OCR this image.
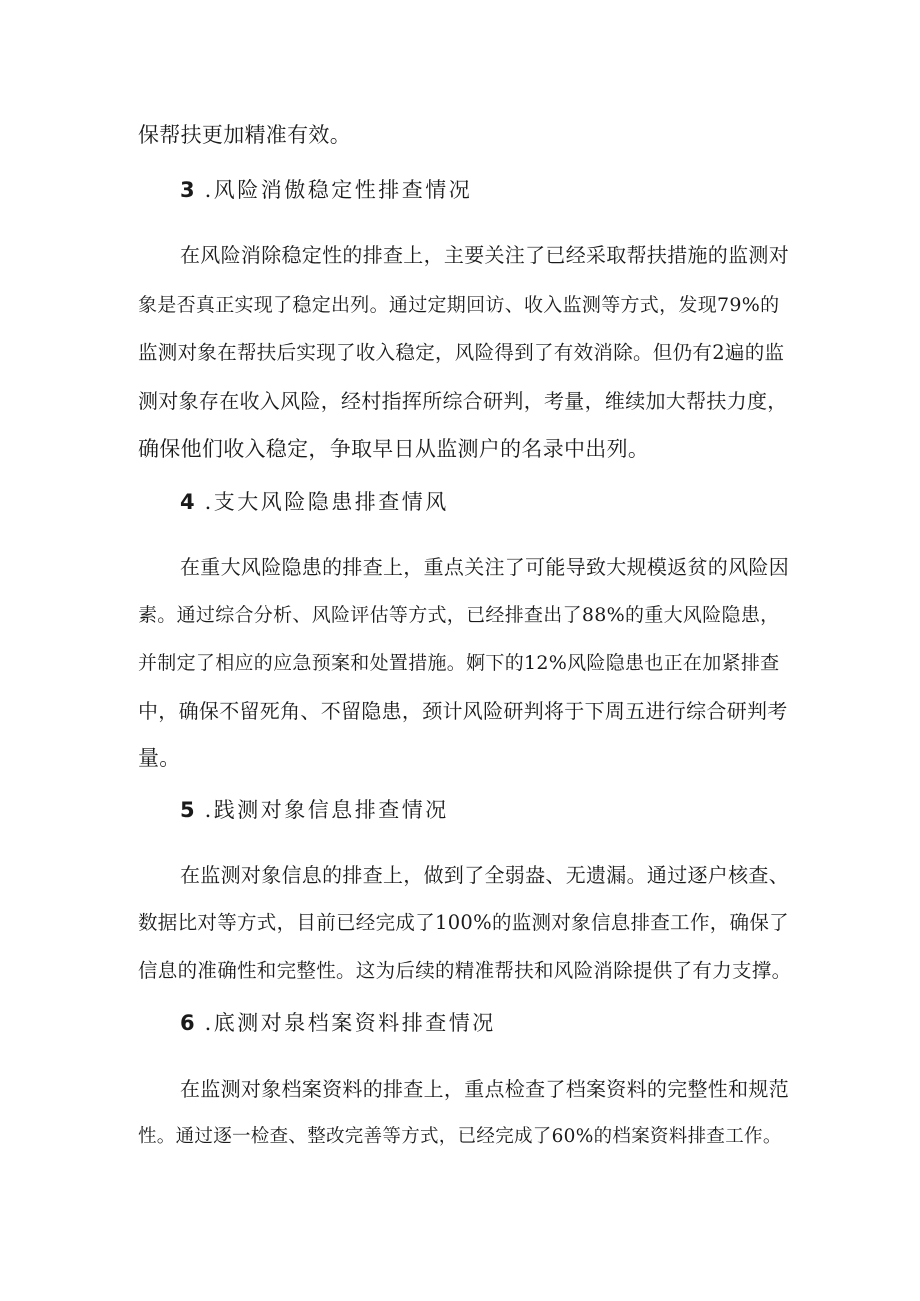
保帮扶更加精准有效。
3 .风险消傲稳定性排查情况
在风险消除稳定性的排查上，主要关注了已经采取帮扶措施的监测对
象是否真正实现了稳定出列。通过定期回访、收入监测等方式，发现79%的
监测对象在帮扶后实现了收入稳定，风险得到了有效消除。但仍有2遍的监
测对象存在收入风险，经村指挥所综合研判，考量，维续加大帮扶力度，
确保他们收入稳定，争取早日从监测户的名录中出列。
4 .支大风险隐患排查情风
在重大风险隐患的排查上，重点关注了可能导致大规模返贫的风险因
素。通过综合分析、风险评估等方式，已经排查出了88%的重大风险隐患，
并制定了相应的应急预案和处置措施。婀下的12%风险隐患也正在加紧排查
中，确保不留死角、不留隐患，颈计风险研判将于下周五进行综合研判考
量。
5 .践测对象信息排查情况
在监测对象信息的排查上，做到了全弱盎、无遗漏。通过逐户核查、
数据比对等方式，目前已经完成了100%的监测对象信息排查工作，确保了
信息的准确性和完整性。这为后续的精准帮扶和风险消除提供了有力支撑。
6 .底测对泉档案资料排查情况
在监测对象档案资料的排查上，重点检查了档案资料的完整性和规范
性。通过逐一检查、整改完善等方式，已经完成了60%的档案资料排查工作。
